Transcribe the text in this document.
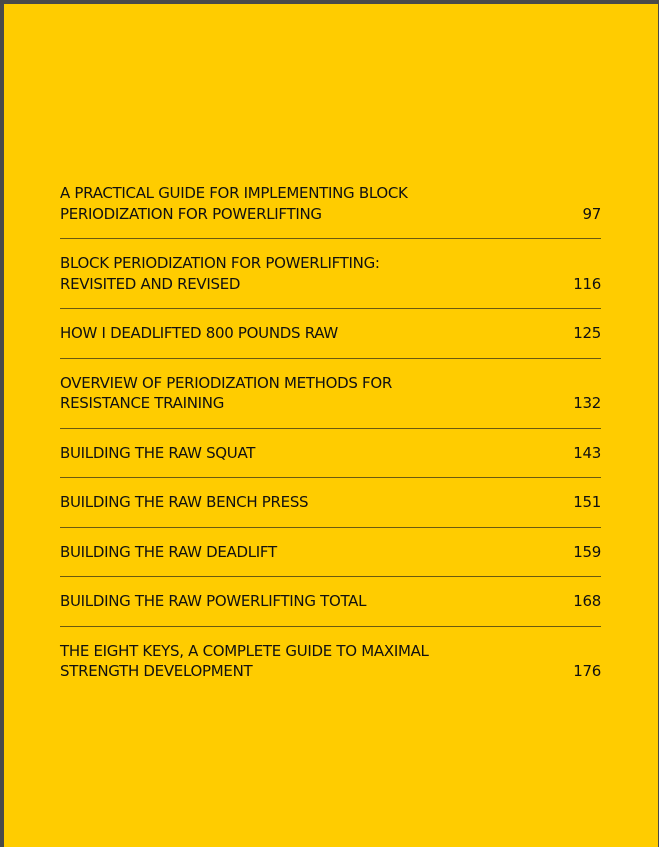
A PRACTICAL GUIDE FOR IMPLEMENTING BLOCK
PERIODIZATION FOR POWERLIFTING	97
BLOCK PERIODIZATION FOR POWERLIFTING:
REVISITED AND REVISED	116
HOW I DEADLIFTED 800 POUNDS RAW	125
OVERVIEW OF PERIODIZATION METHODS FOR
RESISTANCE TRAINING	132
BUILDING THE RAW SQUAT	143
BUILDING THE RAW BENCH PRESS	151
BUILDING THE RAW DEADLIFT	159
BUILDING THE RAW POWERLIFTING TOTAL	168
THE EIGHT KEYS, A COMPLETE GUIDE TO MAXIMAL
STRENGTH DEVELOPMENT	176
